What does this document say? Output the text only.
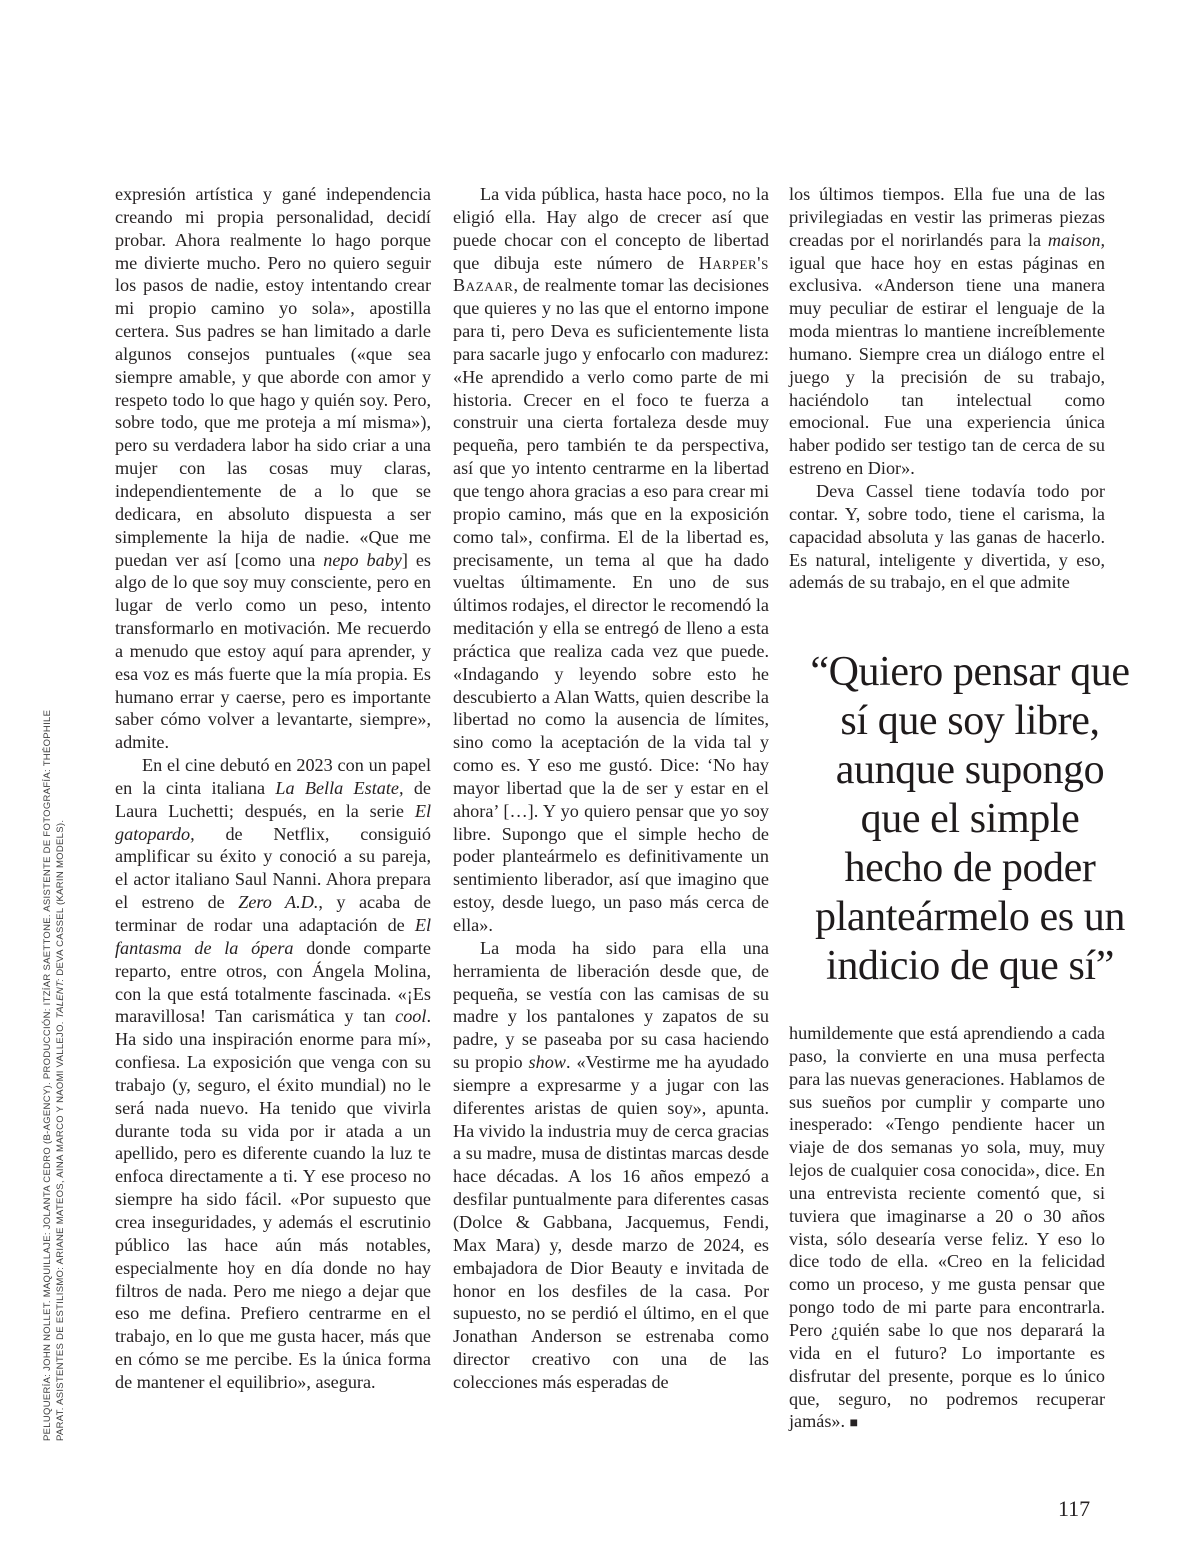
PELUQUERÍA: JOHN NOLLET. MAQUILLAJE: JOLANTA CEDRO (B-AGENCY). PRODUCCIÓN: ITZÍAR SAETTONE. ASISTENTE DE FOTOGRAFÍA: THÉOPHILE PARAT. ASISTENTES DE ESTILISMO: ARIANE MATEOS, AINA MARCO Y NAOMI VALLEJO. TALENT: DEVA CASSEL (KARIN MODELS).

expresión artística y gané independencia creando mi propia personalidad, decidí probar. Ahora realmente lo hago porque me divierte mucho. Pero no quiero seguir los pasos de nadie, estoy intentando crear mi propio camino yo sola», apostilla certera. Sus padres se han limitado a darle algunos consejos puntuales («que sea siempre amable, y que aborde con amor y respeto todo lo que hago y quién soy. Pero, sobre todo, que me proteja a mí misma»), pero su verdadera labor ha sido criar a una mujer con las cosas muy claras, independientemente de a lo que se dedicara, en absoluto dispuesta a ser simplemente la hija de nadie. «Que me puedan ver así [como una nepo baby] es algo de lo que soy muy consciente, pero en lugar de verlo como un peso, intento transformarlo en motivación. Me recuerdo a menudo que estoy aquí para aprender, y esa voz es más fuerte que la mía propia. Es humano errar y caerse, pero es importante saber cómo volver a levantarte, siempre», admite.

En el cine debutó en 2023 con un papel en la cinta italiana La Bella Estate, de Laura Luchetti; después, en la serie El gatopardo, de Netflix, consiguió amplificar su éxito y conoció a su pareja, el actor italiano Saul Nanni. Ahora prepara el estreno de Zero A.D., y acaba de terminar de rodar una adaptación de El fantasma de la ópera donde comparte reparto, entre otros, con Ángela Molina, con la que está totalmente fascinada. «¡Es maravillosa! Tan carismática y tan cool. Ha sido una inspiración enorme para mí», confiesa. La exposición que venga con su trabajo (y, seguro, el éxito mundial) no le será nada nuevo. Ha tenido que vivirla durante toda su vida por ir atada a un apellido, pero es diferente cuando la luz te enfoca directamente a ti. Y ese proceso no siempre ha sido fácil. «Por supuesto que crea inseguridades, y además el escrutinio público las hace aún más notables, especialmente hoy en día donde no hay filtros de nada. Pero me niego a dejar que eso me defina. Prefiero centrarme en el trabajo, en lo que me gusta hacer, más que en cómo se me percibe. Es la única forma de mantener el equilibrio», asegura.

La vida pública, hasta hace poco, no la eligió ella. Hay algo de crecer así que puede chocar con el concepto de libertad que dibuja este número de Harper's Bazaar, de realmente tomar las decisiones que quieres y no las que el entorno impone para ti, pero Deva es suficientemente lista para sacarle jugo y enfocarlo con madurez: «He aprendido a verlo como parte de mi historia. Crecer en el foco te fuerza a construir una cierta fortaleza desde muy pequeña, pero también te da perspectiva, así que yo intento centrarme en la libertad que tengo ahora gracias a eso para crear mi propio camino, más que en la exposición como tal», confirma. El de la libertad es, precisamente, un tema al que ha dado vueltas últimamente. En uno de sus últimos rodajes, el director le recomendó la meditación y ella se entregó de lleno a esta práctica que realiza cada vez que puede. «Indagando y leyendo sobre esto he descubierto a Alan Watts, quien describe la libertad no como la ausencia de límites, sino como la aceptación de la vida tal y como es. Y eso me gustó. Dice: ‘No hay mayor libertad que la de ser y estar en el ahora’ […]. Y yo quiero pensar que yo soy libre. Supongo que el simple hecho de poder planteármelo es definitivamente un sentimiento liberador, así que imagino que estoy, desde luego, un paso más cerca de ella».

La moda ha sido para ella una herramienta de liberación desde que, de pequeña, se vestía con las camisas de su madre y los pantalones y zapatos de su padre, y se paseaba por su casa haciendo su propio show. «Vestirme me ha ayudado siempre a expresarme y a jugar con las diferentes aristas de quien soy», apunta. Ha vivido la industria muy de cerca gracias a su madre, musa de distintas marcas desde hace décadas. A los 16 años empezó a desfilar puntualmente para diferentes casas (Dolce & Gabbana, Jacquemus, Fendi, Max Mara) y, desde marzo de 2024, es embajadora de Dior Beauty e invitada de honor en los desfiles de la casa. Por supuesto, no se perdió el último, en el que Jonathan Anderson se estrenaba como director creativo con una de las colecciones más esperadas de

los últimos tiempos. Ella fue una de las privilegiadas en vestir las primeras piezas creadas por el norirlandés para la maison, igual que hace hoy en estas páginas en exclusiva. «Anderson tiene una manera muy peculiar de estirar el lenguaje de la moda mientras lo mantiene increíblemente humano. Siempre crea un diálogo entre el juego y la precisión de su trabajo, haciéndolo tan intelectual como emocional. Fue una experiencia única haber podido ser testigo tan de cerca de su estreno en Dior».

Deva Cassel tiene todavía todo por contar. Y, sobre todo, tiene el carisma, la capacidad absoluta y las ganas de hacerlo. Es natural, inteligente y divertida, y eso, además de su trabajo, en el que admite

“Quiero pensar que
sí que soy libre,
aunque supongo
que el simple
hecho de poder
planteármelo es un
indicio de que sí”

humildemente que está aprendiendo a cada paso, la convierte en una musa perfecta para las nuevas generaciones. Hablamos de sus sueños por cumplir y comparte uno inesperado: «Tengo pendiente hacer un viaje de dos semanas yo sola, muy, muy lejos de cualquier cosa conocida», dice. En una entrevista reciente comentó que, si tuviera que imaginarse a 20 o 30 años vista, sólo desearía verse feliz. Y eso lo dice todo de ella. «Creo en la felicidad como un proceso, y me gusta pensar que pongo todo de mi parte para encontrarla. Pero ¿quién sabe lo que nos deparará la vida en el futuro? Lo importante es disfrutar del presente, porque es lo único que, seguro, no podremos recuperar jamás». ■

117
